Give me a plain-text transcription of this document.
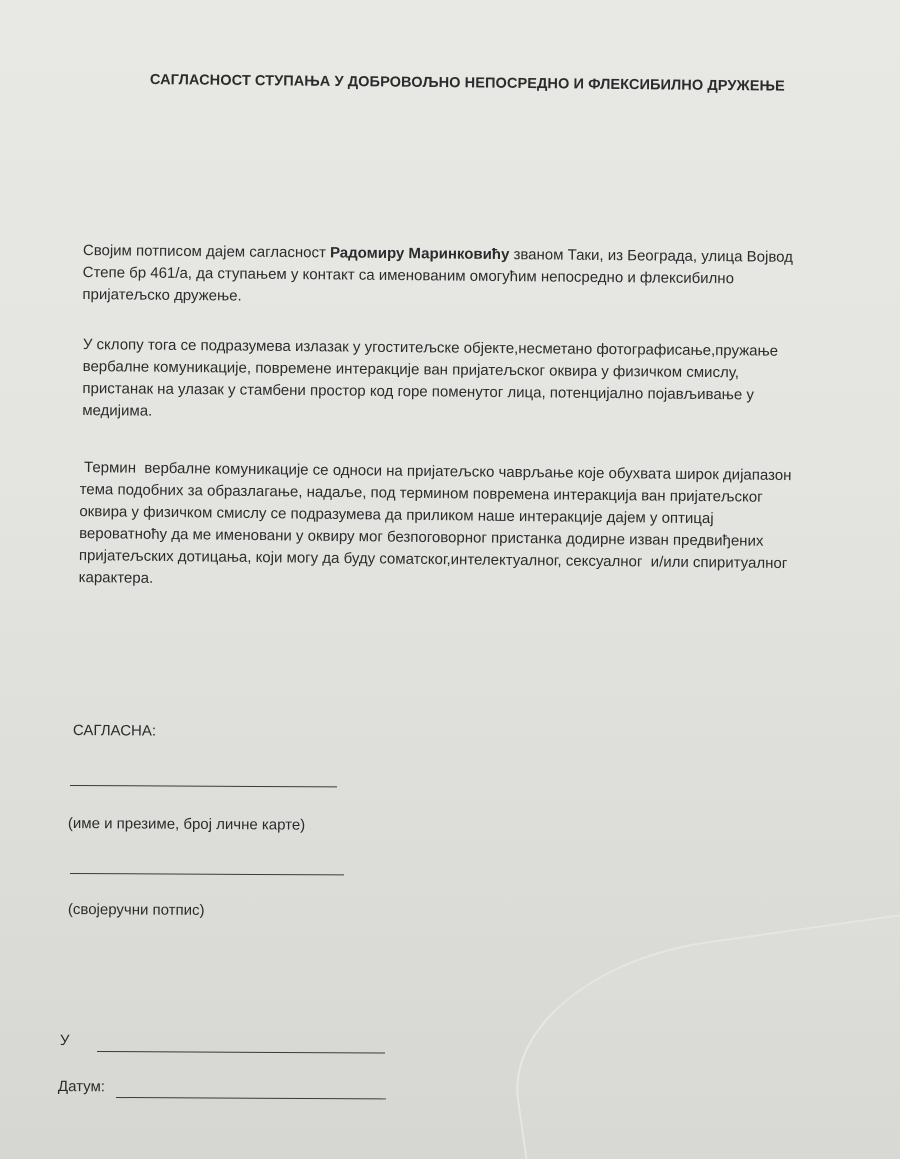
САГЛАСНОСТ СТУПАЊА У ДОБРОВОЉНО НЕПОСРЕДНО И ФЛЕКСИБИЛНО ДРУЖЕЊЕ
Својим потписом дајем сагласност Радомиру Маринковићу званом Таки, из Београда, улица Војвод
Степе бр 461/а, да ступањем у контакт са именованим омогућим непосредно и флексибилно
пријатељско дружење.
У склопу тога се подразумева излазак у угоститељске објекте,несметано фотографисање,пружање
вербалне комуникације, повремене интеракције ван пријатељског оквира у физичком смислу,
пристанак на улазак у стамбени простор код горе поменутог лица, потенцијално појављивање у
медијима.
Термин  вербалне комуникације се односи на пријатељско чаврљање које обухвата широк дијапазон
тема подобних за образлагање, надаље, под термином повремена интеракција ван пријатељског
оквира у физичком смислу се подразумева да приликом наше интеракције дајем у оптицај
вероватноћу да ме именовани у оквиру мог безпоговорног пристанка додирне изван предвиђених
пријатељских дотицања, који могу да буду соматског,интелектуалног, сексуалног  и/или спиритуалног
карактера.
САГЛАСНА:
(име и презиме, број личне карте)
(својеручни потпис)
У
Датум:
